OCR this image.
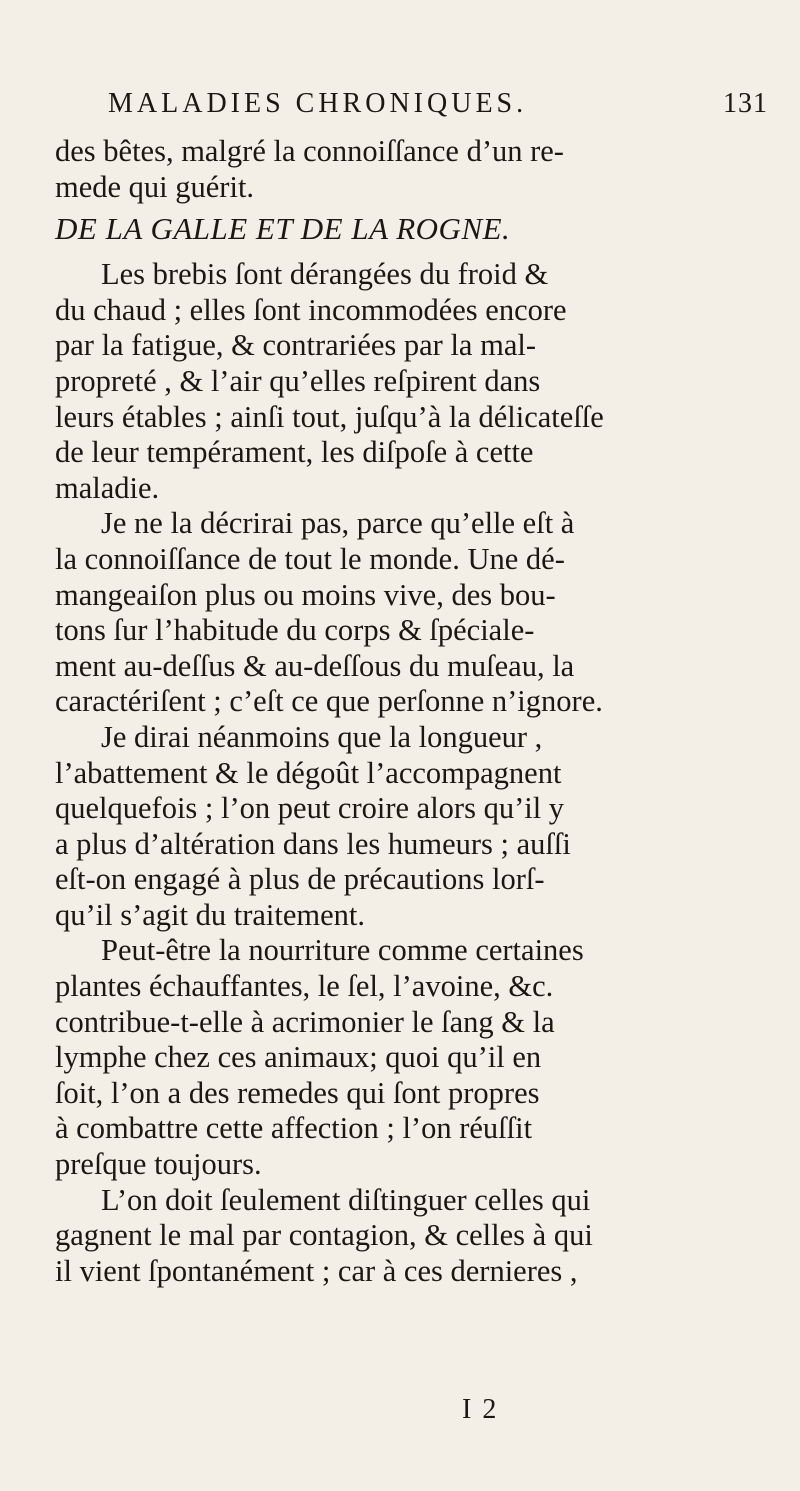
MALADIES CHRONIQUES.	131
des bêtes, malgré la connoiſſance d’un re-
mede qui guérit.
DE LA GALLE ET DE LA ROGNE.
Les brebis ſont dérangées du froid &
du chaud ; elles ſont incommodées encore
par la fatigue, & contrariées par la mal-
propreté , & l’air qu’elles reſpirent dans
leurs étables ; ainſi tout, juſqu’à la délicateſſe
de leur tempérament, les diſpoſe à cette
maladie.
Je ne la décrirai pas, parce qu’elle eſt à
la connoiſſance de tout le monde. Une dé-
mangeaiſon plus ou moins vive, des bou-
tons ſur l’habitude du corps & ſpéciale-
ment au-deſſus & au-deſſous du muſeau, la
caractériſent ; c’eſt ce que perſonne n’ignore.
Je dirai néanmoins que la longueur ,
l’abattement & le dégoût l’accompagnent
quelquefois ; l’on peut croire alors qu’il y
a plus d’altération dans les humeurs ; auſſi
eſt-on engagé à plus de précautions lorſ-
qu’il s’agit du traitement.
Peut-être la nourriture comme certaines
plantes échauffantes, le ſel, l’avoine, &c.
contribue-t-elle à acrimonier le ſang & la
lymphe chez ces animaux; quoi qu’il en
ſoit, l’on a des remedes qui ſont propres
à combattre cette affection ; l’on réuſſit
preſque toujours.
L’on doit ſeulement diſtinguer celles qui
gagnent le mal par contagion, & celles à qui
il vient ſpontanément ; car à ces dernieres ,
I 2
